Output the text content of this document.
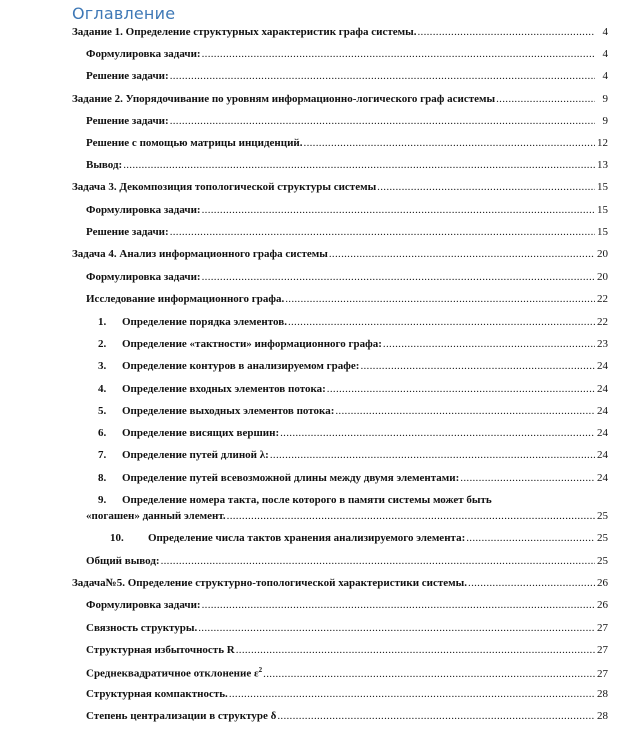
Оглавление
Задание 1. Определение структурных характеристик графа системы. .....	4
Формулировка задачи: .....	4
Решение задачи: .....	4
Задание 2. Упорядочивание по уровням информационно-логического граф асистемы .....	9
Решение задачи: .....	9
Решение с помощью матрицы инциденций. .....	12
Вывод: .....	13
Задача 3. Декомпозиция топологической структуры системы .....	15
Формулировка задачи: .....	15
Решение задачи: .....	15
Задача 4. Анализ информационного графа системы .....	20
Формулировка задачи: .....	20
Исследование информационного графа. .....	22
1. Определение порядка элементов. .....	22
2. Определение «тактности» информационного графа: .....	23
3. Определение контуров в анализируемом графе: .....	24
4. Определение входных элементов потока: .....	24
5. Определение выходных элементов потока: .....	24
6. Определение висящих вершин: .....	24
7. Определение путей длиной λ: .....	24
8. Определение путей всевозможной длины между двумя элементами: .....	24
9. Определение номера такта, после которого в памяти системы может быть
«погашен» данный элемент. .....	25
10. Определение числа тактов хранения анализируемого элемента: .....	25
Общий вывод: .....	25
Задача№5. Определение структурно-топологической характеристики системы. .....	26
Формулировка задачи: .....	26
Связность структуры. .....	27
Структурная избыточность R .....	27
Среднеквадратичное отклонение $\varepsilon^2$ .....	27
Структурная компактность. .....	28
Степень централизации в структуре δ .....	28
